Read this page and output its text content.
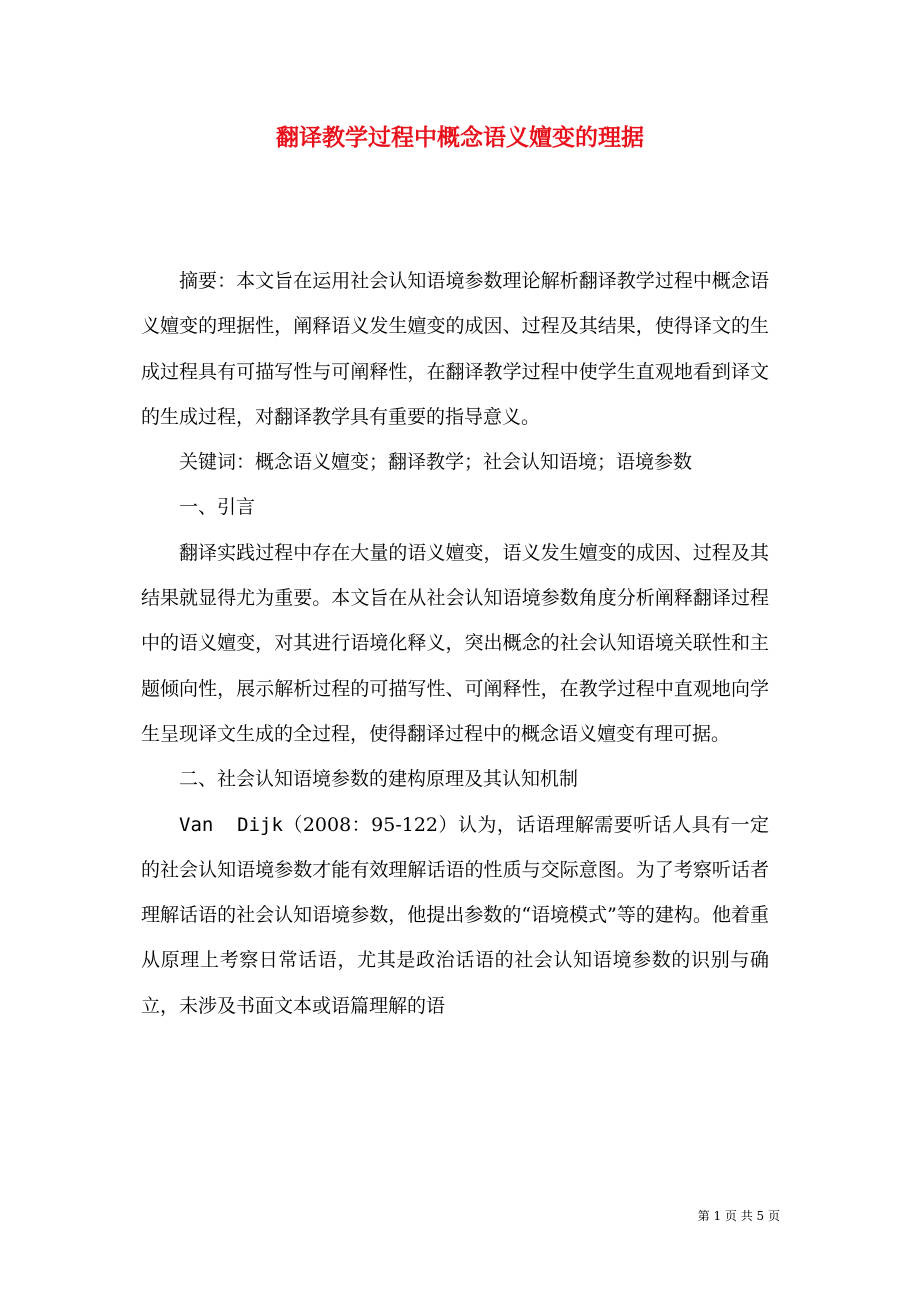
翻译教学过程中概念语义嬗变的理据

摘要：本文旨在运用社会认知语境参数理论解析翻译教学过程中概念语义嬗变的理据性，阐释语义发生嬗变的成因、过程及其结果，使得译文的生成过程具有可描写性与可阐释性，在翻译教学过程中使学生直观地看到译文的生成过程，对翻译教学具有重要的指导意义。

关键词：概念语义嬗变；翻译教学；社会认知语境；语境参数

一、引言

翻译实践过程中存在大量的语义嬗变，语义发生嬗变的成因、过程及其结果就显得尤为重要。本文旨在从社会认知语境参数角度分析阐释翻译过程中的语义嬗变，对其进行语境化释义，突出概念的社会认知语境关联性和主题倾向性，展示解析过程的可描写性、可阐释性，在教学过程中直观地向学生呈现译文生成的全过程，使得翻译过程中的概念语义嬗变有理可据。

二、社会认知语境参数的建构原理及其认知机制

Van  Dijk（2008：95-122）认为，话语理解需要听话人具有一定的社会认知语境参数才能有效理解话语的性质与交际意图。为了考察听话者理解话语的社会认知语境参数，他提出参数的“语境模式”等的建构。他着重从原理上考察日常话语，尤其是政治话语的社会认知语境参数的识别与确立，未涉及书面文本或语篇理解的语

第 1 页 共 5 页
